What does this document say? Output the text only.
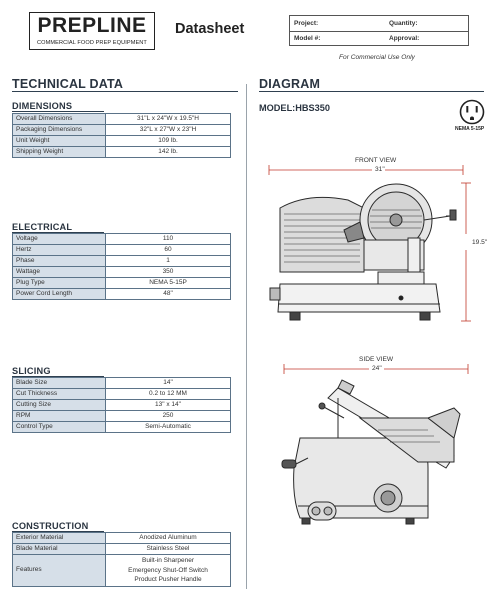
PREPLINE
COMMERCIAL FOOD PREP EQUIPMENT
Datasheet	Project:	Quantity:
Model #:	Approval:
For Commercial Use Only
TECHNICAL DATA	DIAGRAM
DIMENSIONS
Overall Dimensions	31"L x 24"W x 19.5"H
Packaging Dimensions	32"L x 27"W x 23"H
Unit Weight	109 lb.
Shipping Weight	142 lb.
ELECTRICAL
Voltage	110
Hertz	60
Phase	1
Wattage	350
Plug Type	NEMA 5-15P
Power Cord Length	48"
SLICING
Blade Size	14"
Cut Thickness	0.2 to 12 MM
Cutting Size	13" x 14"
RPM	250
Control Type	Semi-Automatic
CONSTRUCTION
Exterior Material	Anodized Aluminum
Blade Material	Stainless Steel
Features	Built-in Sharpener
Emergency Shut-Off Switch
Product Pusher Handle
MODEL:HBS350
NEMA 5-15P
FRONT VIEW
31"
19.5"
SIDE VIEW
24"
